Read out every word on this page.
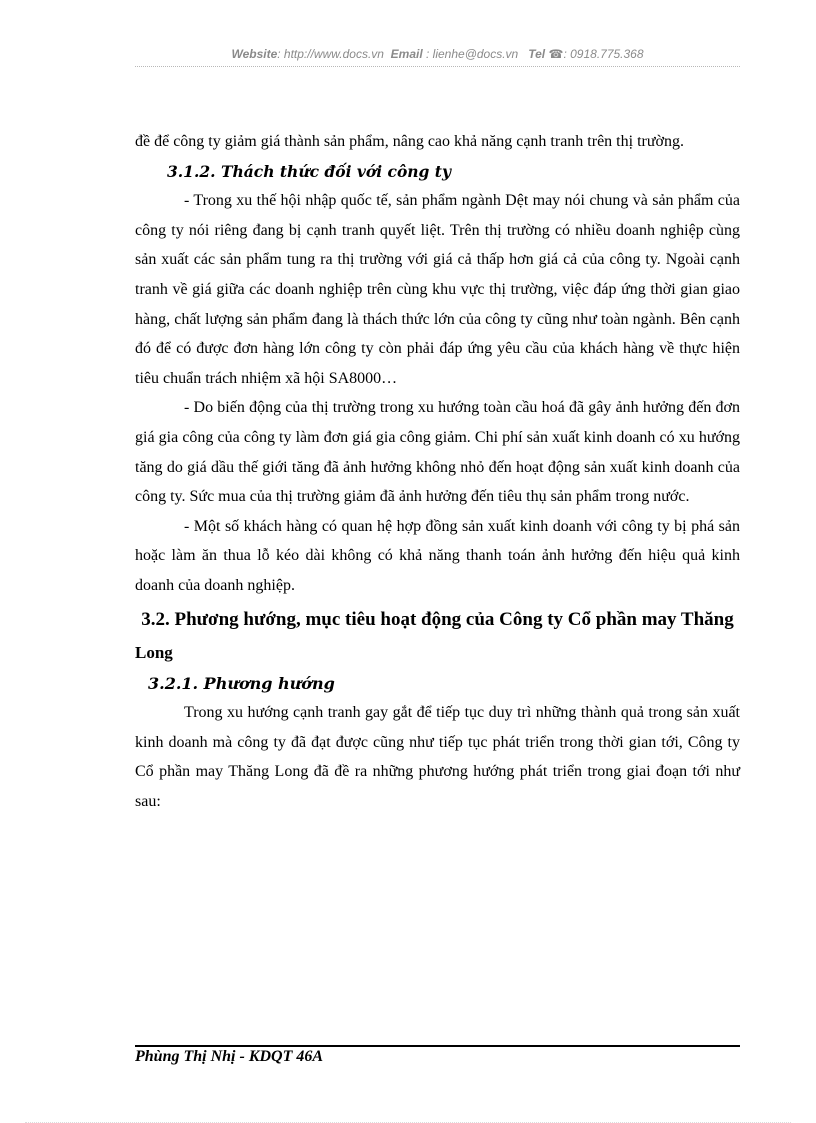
Website: http://www.docs.vn Email : lienhe@docs.vn Tel ☎: 0918.775.368

đề để công ty giảm giá thành sản phẩm, nâng cao khả năng cạnh tranh trên thị trường.

3.1.2. Thách thức đối với công ty

- Trong xu thế hội nhập quốc tế, sản phẩm ngành Dệt may nói chung và sản phẩm của công ty nói riêng đang bị cạnh tranh quyết liệt. Trên thị trường có nhiều doanh nghiệp cùng sản xuất các sản phẩm tung ra thị trường với giá cả thấp hơn giá cả của công ty. Ngoài cạnh tranh về giá giữa các doanh nghiệp trên cùng khu vực thị trường, việc đáp ứng thời gian giao hàng, chất lượng sản phẩm đang là thách thức lớn của công ty cũng như toàn ngành. Bên cạnh đó để có được đơn hàng lớn công ty còn phải đáp ứng yêu cầu của khách hàng về thực hiện tiêu chuẩn trách nhiệm xã hội SA8000…

- Do biến động của thị trường trong xu hướng toàn cầu hoá đã gây ảnh hưởng đến đơn giá gia công của công ty làm đơn giá gia công giảm. Chi phí sản xuất kinh doanh có xu hướng tăng do giá dầu thế giới tăng đã ảnh hưởng không nhỏ đến hoạt động sản xuất kinh doanh của công ty. Sức mua của thị trường giảm đã ảnh hưởng đến tiêu thụ sản phẩm trong nước.

- Một số khách hàng có quan hệ hợp đồng sản xuất kinh doanh với công ty bị phá sản hoặc làm ăn thua lỗ kéo dài không có khả năng thanh toán ảnh hưởng đến hiệu quả kinh doanh của doanh nghiệp.

3.2. Phương hướng, mục tiêu hoạt động của Công ty Cổ phần may Thăng

Long

3.2.1. Phương hướng

Trong xu hướng cạnh tranh gay gắt để tiếp tục duy trì những thành quả trong sản xuất kinh doanh mà công ty đã đạt được cũng như tiếp tục phát triển trong thời gian tới, Công ty Cổ phần may Thăng Long đã đề ra những phương hướng phát triển trong giai đoạn tới như sau:

Phùng Thị Nhị - KDQT 46A
